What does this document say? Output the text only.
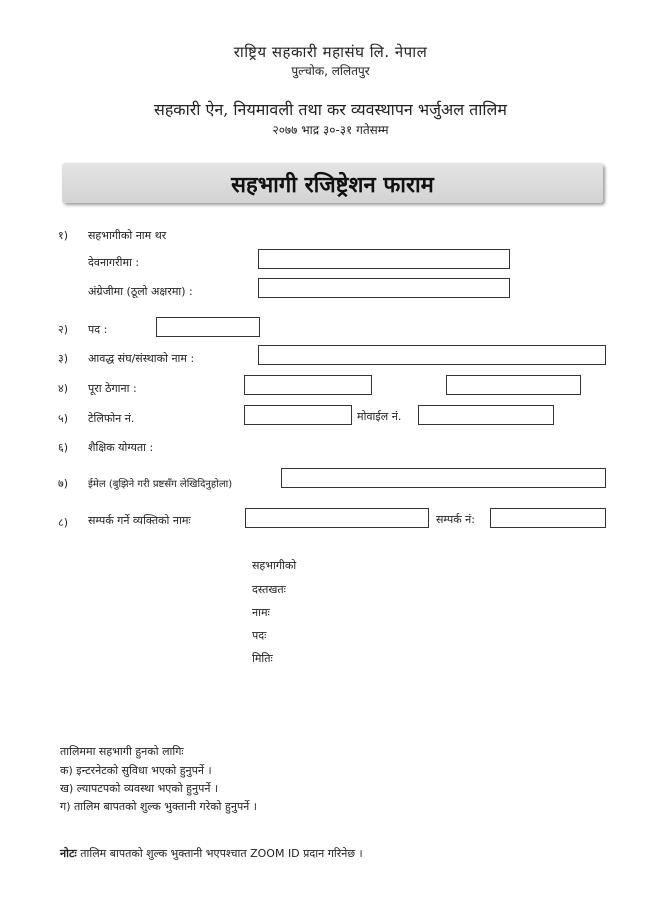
राष्ट्रिय सहकारी महासंघ लि. नेपाल
पुल्चोक, ललितपुर
सहकारी ऐन, नियमावली तथा कर व्यवस्थापन भर्जुअल तालिम
२०७७ भाद्र ३०-३१ गतेसम्म
सहभागी रजिष्ट्रेशन फाराम
१) सहभागीको नाम थर
देवनागरीमा :
अंग्रेजीमा (ठूलो अक्षरमा) :
२) पद :
३) आवद्ध संघ/संस्थाको नाम :
४) पूरा ठेगाना :
५) टेलिफोन नं.	मोवाईल नं.
६) शैक्षिक योग्यता :
७) ईमेल (बुझिने गरी प्रष्टसँग लेखिदिनुहोला)
८) सम्पर्क गर्ने व्यक्तिको नामः	सम्पर्क नं:
सहभागीको
दस्तखतः
नामः
पदः
मितिः
तालिममा सहभागी हुनको लागिः
क) इन्टरनेटको सुविधा भएको हुनुपर्ने ।
ख) ल्यापटपको व्यवस्था भएको हुनुपर्ने ।
ग) तालिम बापतको शुल्क भुक्तानी गरेको हुनुपर्ने ।
नोटः तालिम बापतको शुल्क भुक्तानी भएपश्चात ZOOM ID प्रदान गरिनेछ ।
